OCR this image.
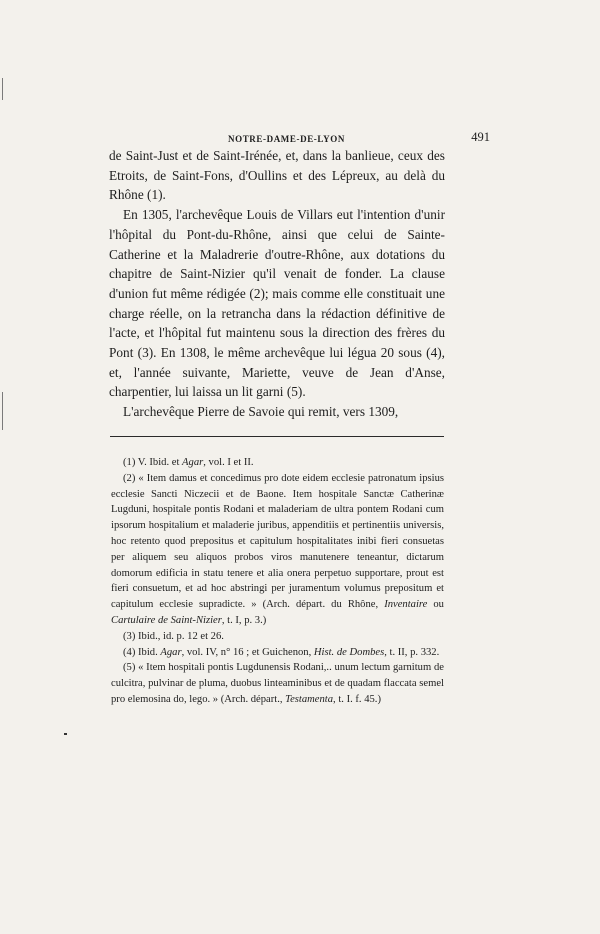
NOTRE-DAME-DE-LYON	491

de Saint-Just et de Saint-Irénée, et, dans la banlieue, ceux des Etroits, de Saint-Fons, d'Oullins et des Lépreux, au delà du Rhône (1).

En 1305, l'archevêque Louis de Villars eut l'intention d'unir l'hôpital du Pont-du-Rhône, ainsi que celui de Sainte-Catherine et la Maladrerie d'outre-Rhône, aux dotations du chapitre de Saint-Nizier qu'il venait de fonder. La clause d'union fut même rédigée (2); mais comme elle constituait une charge réelle, on la retrancha dans la rédaction définitive de l'acte, et l'hôpital fut maintenu sous la direction des frères du Pont (3). En 1308, le même archevêque lui légua 20 sous (4), et, l'année suivante, Mariette, veuve de Jean d'Anse, charpentier, lui laissa un lit garni (5).

L'archevêque Pierre de Savoie qui remit, vers 1309,

(1) V. Ibid. et Agar, vol. I et II.

(2) « Item damus et concedimus pro dote eidem ecclesie patronatum ipsius ecclesie Sancti Niczecii et de Baone. Item hospitale Sanctæ Catherinæ Lugduni, hospitale pontis Rodani et maladeriam de ultra pontem Rodani cum ipsorum hospitalium et maladerie juribus, appenditiis et pertinentiis universis, hoc retento quod prepositus et capitulum hospitalitates inibi fieri consuetas per aliquem seu aliquos probos viros manutenere teneantur, dictarum domorum edificia in statu tenere et alia onera perpetuo supportare, prout est fieri consuetum, et ad hoc abstringi per juramentum volumus prepositum et capitulum ecclesie supradicte. » (Arch. départ. du Rhône, Inventaire ou Cartulaire de Saint-Nizier, t. I, p. 3.)

(3) Ibid., id. p. 12 et 26.

(4) Ibid. Agar, vol. IV, n° 16 ; et Guichenon, Hist. de Dombes, t. II, p. 332.

(5) « Item hospitali pontis Lugdunensis Rodani,.. unum lectum garnitum de culcitra, pulvinar de pluma, duobus linteaminibus et de quadam flaccata semel pro elemosina do, lego. » (Arch. départ., Testamenta, t. I. f. 45.)
